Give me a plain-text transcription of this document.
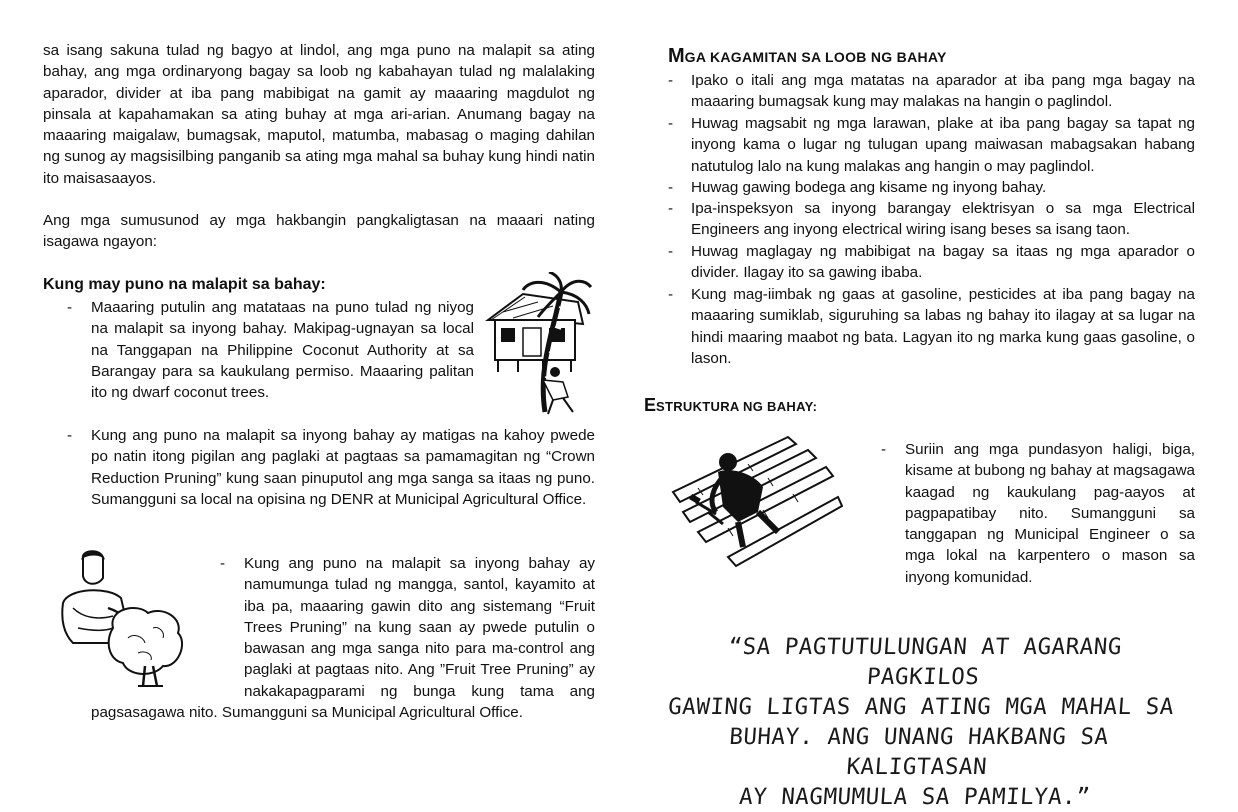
sa isang sakuna tulad ng bagyo at lindol, ang mga puno na malapit sa ating bahay, ang mga ordinaryong bagay sa loob ng kabahayan tulad ng malalaking aparador, divider at iba pang mabibigat na gamit ay maaaring magdulot ng pinsala at kapahamakan sa ating buhay at mga ari-arian. Anumang bagay na maaaring maigalaw, bumagsak, maputol, matumba, mabasag o maging dahilan ng sunog ay magsisilbing panganib sa ating mga mahal sa buhay kung hindi natin ito maisasaayos.
Ang mga sumusunod ay mga hakbangin pangkaligtasan na maaari nating isagawa ngayon:
Kung may puno na malapit sa bahay:
- Maaaring putulin ang matataas na puno tulad ng niyog na malapit sa inyong bahay. Makipag-ugnayan sa local na Tanggapan na Philippine Coconut Authority at sa Barangay para sa kaukulang permiso. Maaaring palitan ito ng dwarf coconut trees.
- Kung ang puno na malapit sa inyong bahay ay matigas na kahoy pwede po natin itong pigilan ang paglaki at pagtaas sa pamamagitan ng “Crown Reduction Pruning” kung saan pinuputol ang mga sanga sa itaas ng puno. Sumangguni sa local na opisina ng DENR at Municipal Agricultural Office.
-	Kung ang puno na malapit sa inyong bahay ay namumunga tulad ng mangga, santol, kayamito at iba pa, maaaring gawin dito ang sistemang “Fruit Trees Pruning” na kung saan ay pwede putulin o bawasan ang mga sanga nito para ma-control ang paglaki at pagtaas nito. Ang ”Fruit Tree Pruning” ay nakakapagparami ng bunga kung tama ang pagsasagawa nito. Sumangguni sa Municipal Agricultural Office.
MGA KAGAMITAN SA LOOB NG BAHAY
- Ipako o itali ang mga matatas na aparador at iba pang mga bagay na maaaring bumagsak kung may malakas na hangin o paglindol.
- Huwag magsabit ng mga larawan, plake at iba pang bagay sa tapat ng inyong kama o lugar ng tulugan upang maiwasan mabagsakan habang natutulog lalo na kung malakas ang hangin o may paglindol.
- Huwag gawing bodega ang kisame ng inyong bahay.
- Ipa-inspeksyon sa inyong barangay elektrisyan o sa mga Electrical Engineers ang inyong electrical wiring isang beses sa isang taon.
- Huwag maglagay ng mabibigat na bagay sa itaas ng mga aparador o divider. Ilagay ito sa gawing ibaba.
- Kung mag-iimbak ng gaas at gasoline, pesticides at iba pang bagay na maaaring sumiklab, siguruhing sa labas ng bahay ito ilagay at sa lugar na hindi maaring maabot ng bata. Lagyan ito ng marka kung gaas gasoline, o lason.
ESTRUKTURA NG BAHAY:
- Suriin ang mga pundasyon haligi, biga, kisame at bubong ng bahay at magsagawa kaagad ng kaukulang pag-aayos at pagpapatibay nito. Sumangguni sa tanggapan ng Municipal Engineer o sa mga lokal na karpentero o mason sa inyong komunidad.
“SA PAGTUTULUNGAN AT AGARANG PAGKILOS
GAWING LIGTAS ANG ATING MGA MAHAL SA
BUHAY. ANG UNANG HAKBANG SA KALIGTASAN
AY NAGMUMULA SA PAMILYA.”
